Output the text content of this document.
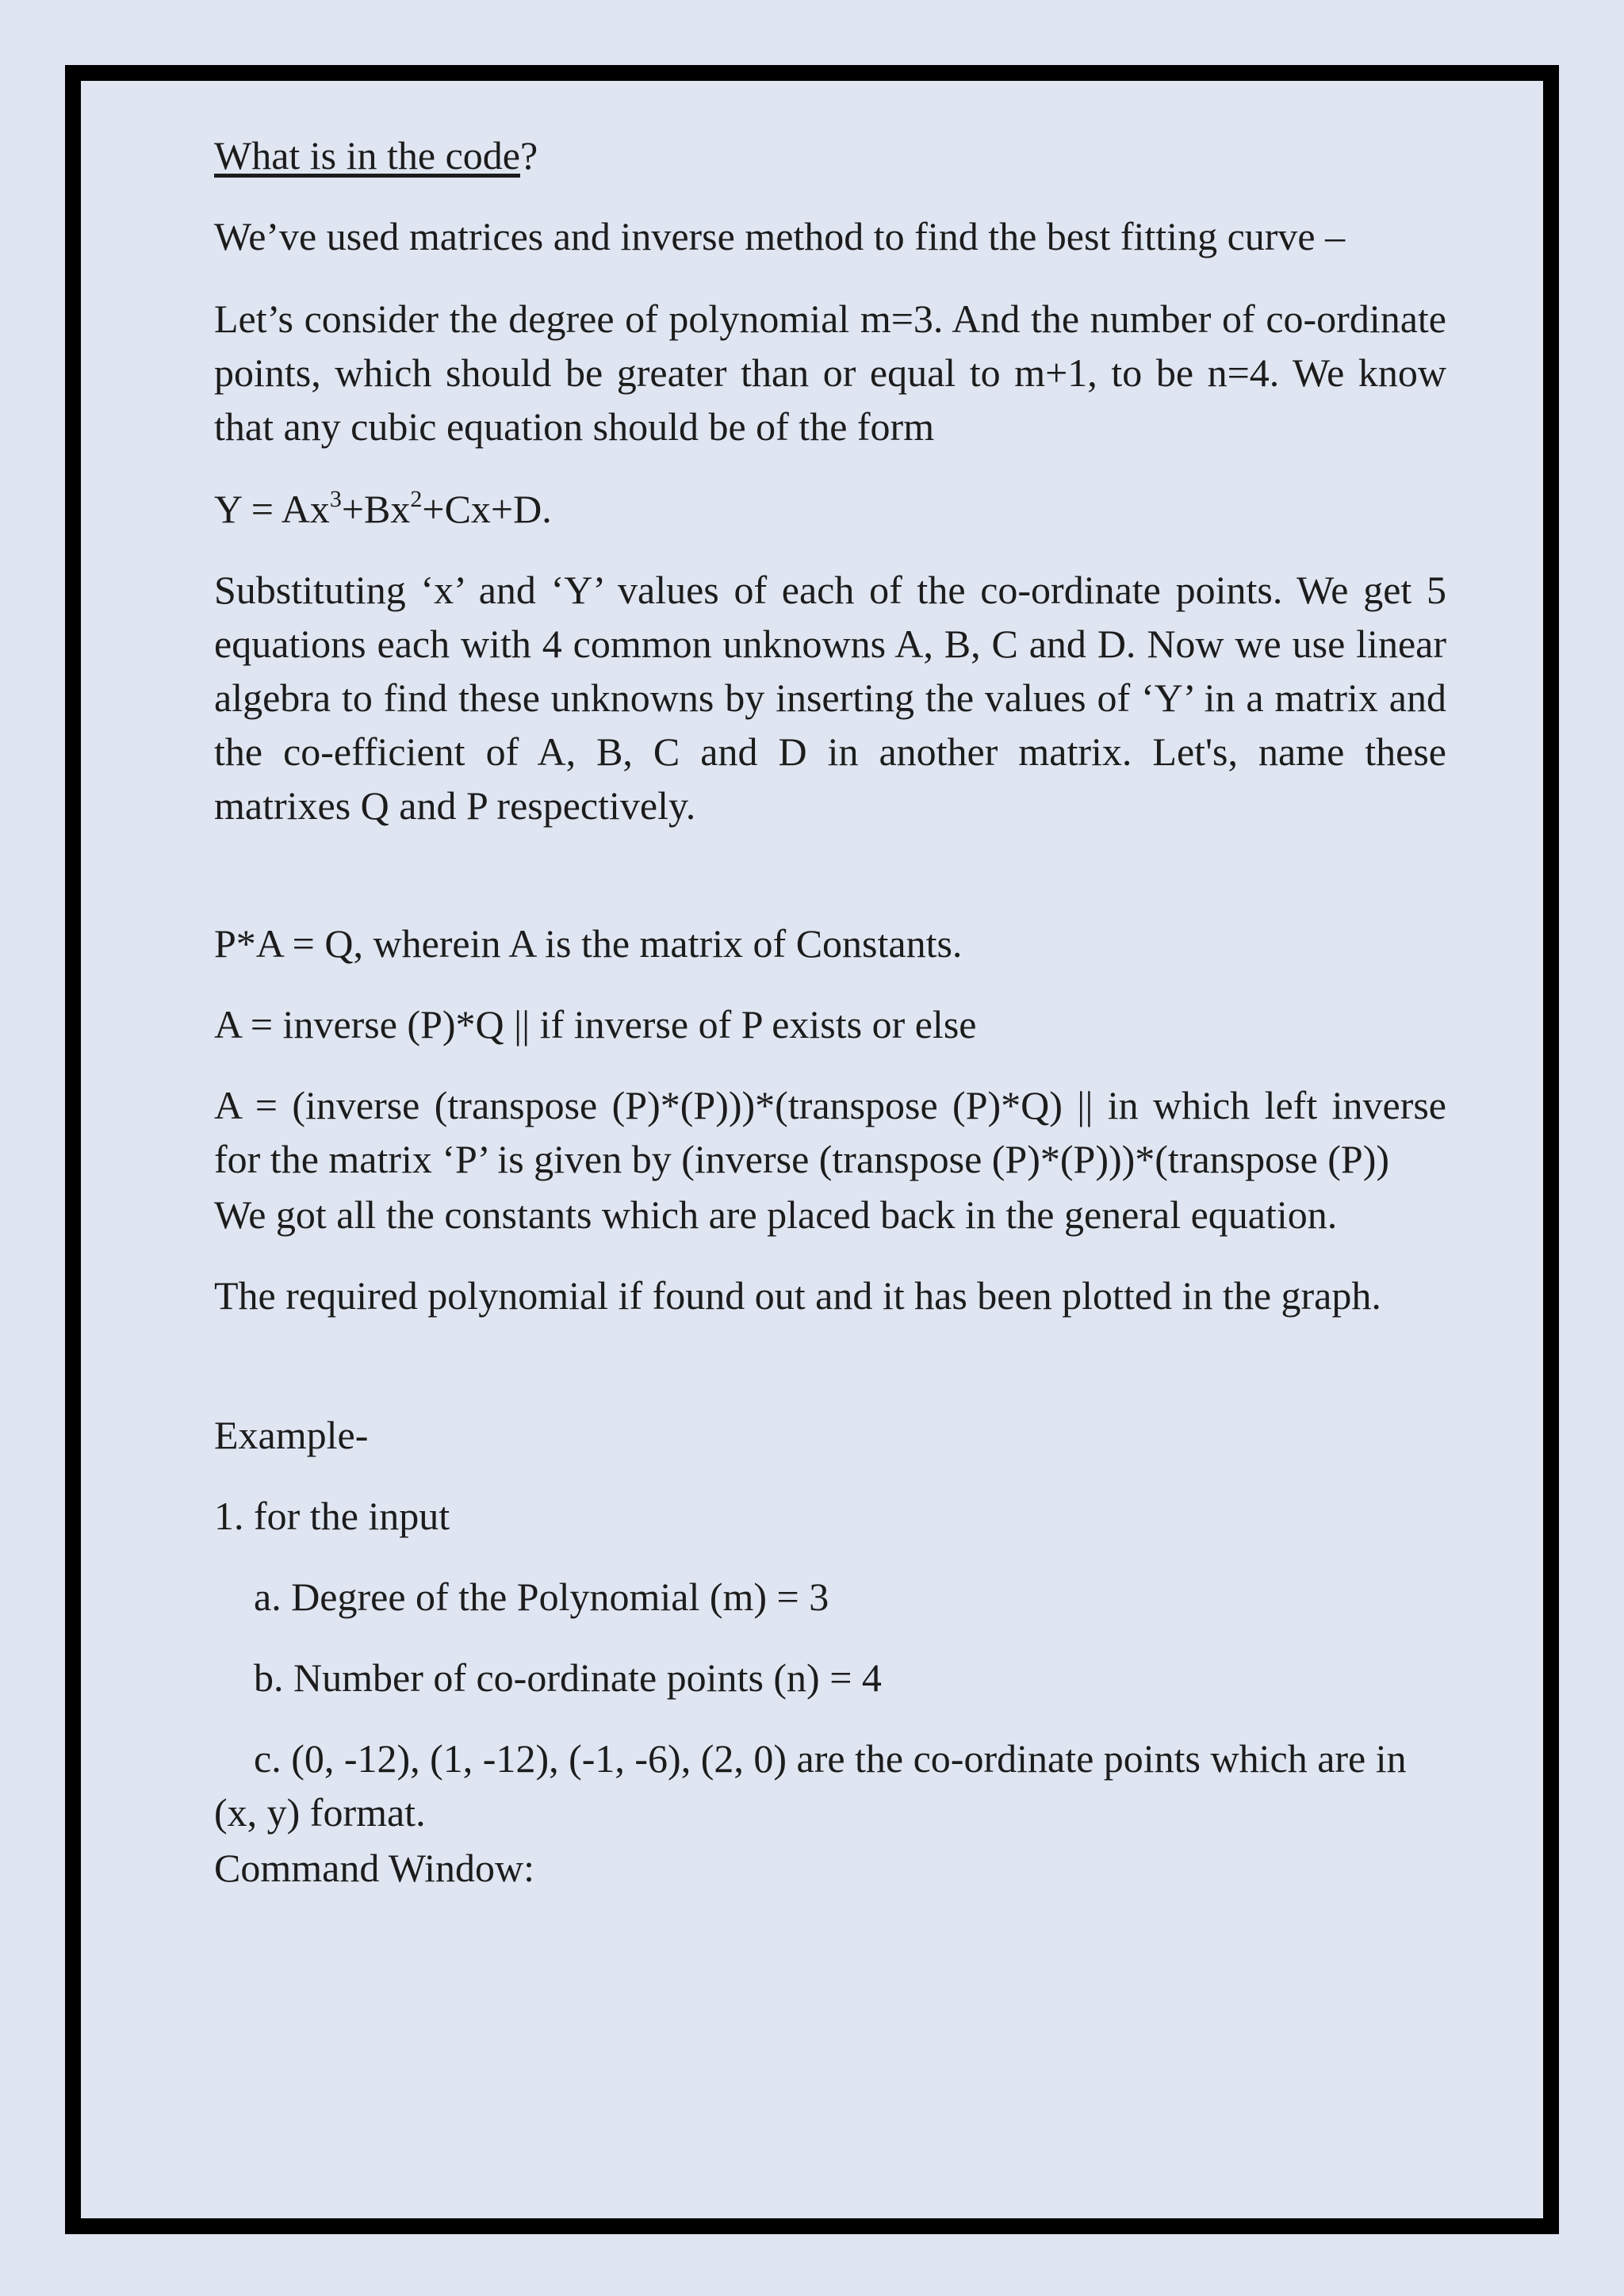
What is in the code?

We’ve used matrices and inverse method to find the best fitting curve –

Let’s consider the degree of polynomial m=3. And the number of co-ordinate points, which should be greater than or equal to m+1, to be n=4. We know that any cubic equation should be of the form

$Y = Ax^3+Bx^2+Cx+D$.

Substituting ‘x’ and ‘Y’ values of each of the co-ordinate points. We get 5 equations each with 4 common unknowns A, B, C and D. Now we use linear algebra to find these unknowns by inserting the values of ‘Y’ in a matrix and the co-efficient of A, B, C and D in another matrix. Let's, name these matrixes Q and P respectively.

P*A = Q, wherein A is the matrix of Constants.

A = inverse (P)*Q || if inverse of P exists or else

A = (inverse (transpose (P)*(P)))*(transpose (P)*Q) || in which left inverse for the matrix ‘P’ is given by (inverse (transpose (P)*(P)))*(transpose (P))

We got all the constants which are placed back in the general equation.

The required polynomial if found out and it has been plotted in the graph.

Example-

1. for the input

a. Degree of the Polynomial (m) = 3

b. Number of co-ordinate points (n) = 4

c. (0, -12), (1, -12), (-1, -6), (2, 0) are the co-ordinate points which are in (x, y) format.

Command Window:
